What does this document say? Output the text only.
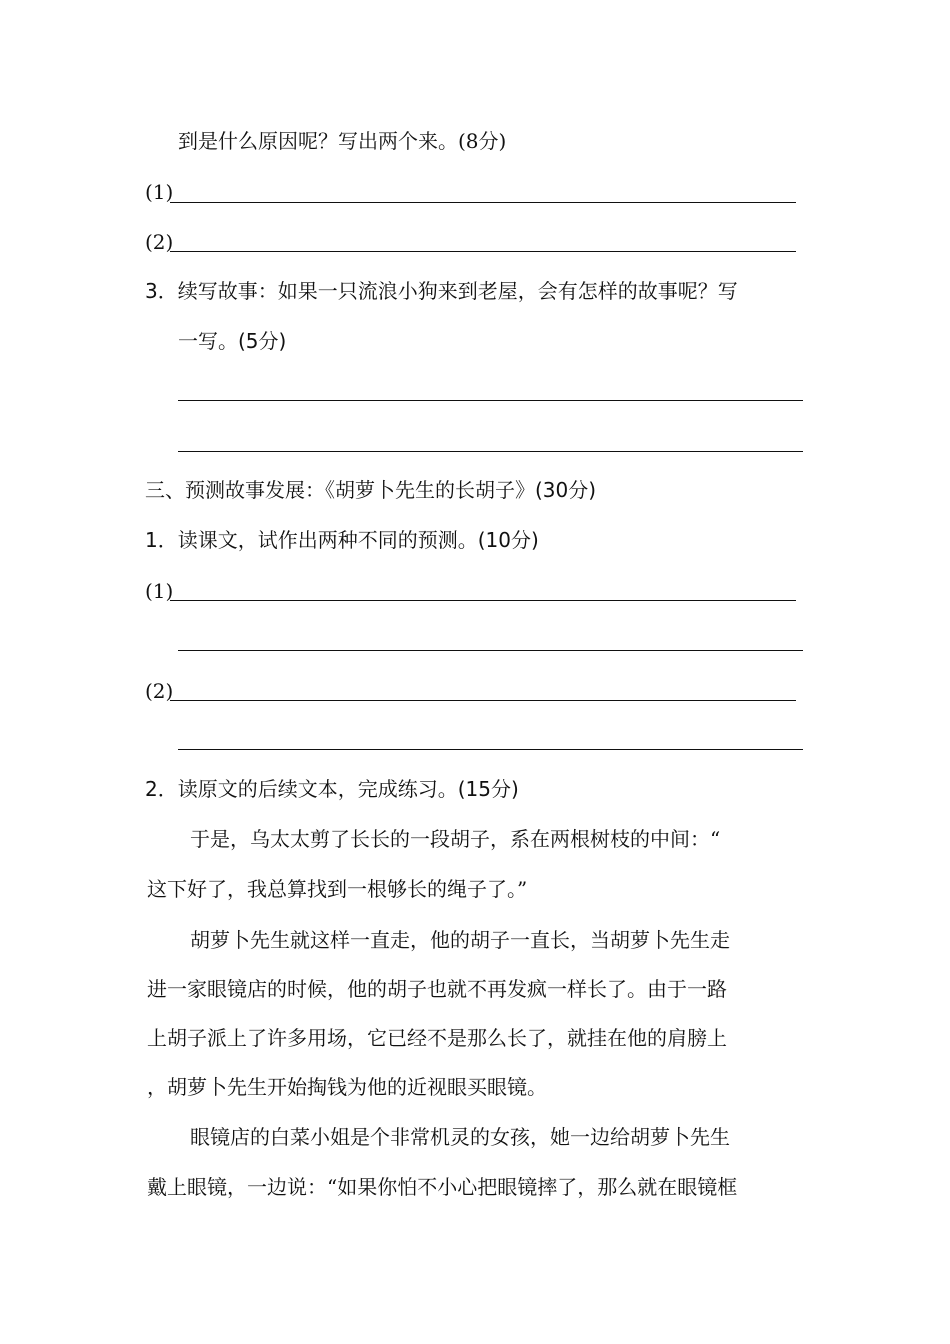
到是什么原因呢？写出两个来。(8分)
(1)
(2)
3．续写故事：如果一只流浪小狗来到老屋，会有怎样的故事呢？写
一写。(5分)
三、预测故事发展：《胡萝卜先生的长胡子》(30分)
1．读课文，试作出两种不同的预测。(10分)
(1)
(2)
2．读原文的后续文本，完成练习。(15分)
于是，乌太太剪了长长的一段胡子，系在两根树枝的中间：“
这下好了，我总算找到一根够长的绳子了。”
胡萝卜先生就这样一直走，他的胡子一直长，当胡萝卜先生走
进一家眼镜店的时候，他的胡子也就不再发疯一样长了。由于一路
上胡子派上了许多用场，它已经不是那么长了，就挂在他的肩膀上
，胡萝卜先生开始掏钱为他的近视眼买眼镜。
眼镜店的白菜小姐是个非常机灵的女孩，她一边给胡萝卜先生
戴上眼镜，一边说：“如果你怕不小心把眼镜摔了，那么就在眼镜框
